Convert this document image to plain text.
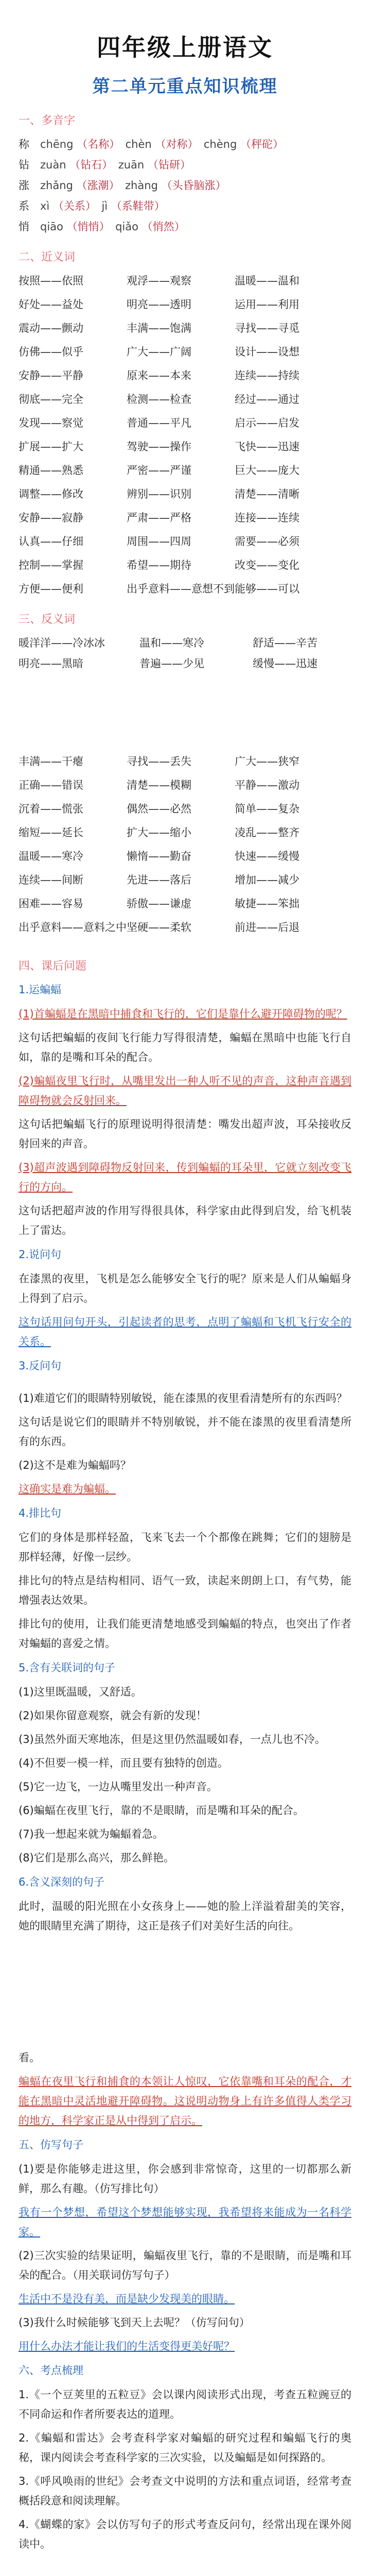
四年级上册语文
第二单元重点知识梳理
一、多音字
称　chēng （名称）　chèn （对称）　chèng （秤砣）
钻　zuàn （钻石）　zuān （钻研）　
涨　zhǎng （涨潮）　zhàng （头昏脑涨）　
系　xì （关系）　jì （系鞋带）　
悄　qiāo （悄悄）　qiǎo （悄然）　
二、近义词
按照——依照	观浮——观察	温暖——温和
好处——益处	明亮——透明	运用——利用
震动——颤动	丰满——饱满	寻找——寻觅
仿佛——似乎	广大——广阔	设计——设想
安静——平静	原来——本来	连续——持续
彻底——完全	检测——检查	经过——通过
发现——察觉	普通——平凡	启示——启发
扩展——扩大	驾驶——操作	飞快——迅速
精通——熟悉	严密——严谨	巨大——庞大
调整——修改	辨别——识别	清楚——清晰
安静——寂静	严肃——严格	连接——连续
认真——仔细	周围——四周	需要——必须
控制——掌握	希望——期待	改变——变化
方便——便利	出乎意料——意想不到 能够——可以
三、反义词
暖洋洋——冷冰冰	温和——寒冷	舒适——辛苦
明亮——黑暗	普遍——少见	缓慢——迅速
丰满——干瘪	寻找——丢失	广大——狭窄
正确——错误	清楚——模糊	平静——激动
沉着——慌张	偶然——必然	简单——复杂
缩短——延长	扩大——缩小	凌乱——整齐
温暖——寒冷	懒惰——勤奋	快速——缓慢
连续——间断	先进——落后	增加——减少
困难——容易	骄傲——谦虚	敏捷——笨拙
出乎意料——意料之中 坚硬——柔软	前进——后退
四、课后问题
1.运蝙蝠
(1)首蝙蝠是在黑暗中捕食和飞行的，它们是靠什么避开障碍物的呢？
这句话把蝙蝠的夜间飞行能力写得很清楚，蝙蝠在黑暗中也能飞行自如，靠的是嘴和耳朵的配合。
(2)蝙蝠夜里飞行时，从嘴里发出一种人听不见的声音，这种声音遇到障碍物就会反射回来。
这句话把蝙蝠飞行的原理说明得很清楚：嘴发出超声波，耳朵接收反射回来的声音。
(3)超声波遇到障碍物反射回来，传到蝙蝠的耳朵里，它就立刻改变飞行的方向。
这句话把超声波的作用写得很具体，科学家由此得到启发，给飞机装上了雷达。
2.说问句
在漆黑的夜里，飞机是怎么能够安全飞行的呢？原来是人们从蝙蝠身上得到了启示。
这句话用问句开头，引起读者的思考，点明了蝙蝠和飞机飞行安全的关系。
3.反问句
(1)难道它们的眼睛特别敏锐，能在漆黑的夜里看清楚所有的东西吗？
这句话是说它们的眼睛并不特别敏锐，并不能在漆黑的夜里看清楚所有的东西。
(2)这不是难为蝙蝠吗？
这确实是难为蝙蝠。
4.排比句
它们的身体是那样轻盈，飞来飞去一个个都像在跳舞；它们的翅膀是那样轻薄，好像一层纱。
排比句的特点是结构相同、语气一致，读起来朗朗上口，有气势，能增强表达效果。
排比句的使用，让我们能更清楚地感受到蝙蝠的特点，也突出了作者对蝙蝠的喜爱之情。
5.含有关联词的句子
(1)这里既温暖，又舒适。
(2)如果你留意观察，就会有新的发现！
(3)虽然外面天寒地冻，但是这里仍然温暖如春，一点儿也不冷。
(4)不但要一模一样，而且要有独特的创造。
(5)它一边飞，一边从嘴里发出一种声音。
(6)蝙蝠在夜里飞行，靠的不是眼睛，而是嘴和耳朵的配合。
(7)我一想起来就为蝙蝠着急。
(8)它们是那么高兴，那么鲜艳。
6.含义深刻的句子
此时，温暖的阳光照在小女孩身上——她的脸上洋溢着甜美的笑容，她的眼睛里充满了期待，这正是孩子们对美好生活的向往。
看。
蝙蝠在夜里飞行和捕食的本领让人惊叹，它依靠嘴和耳朵的配合，才能在黑暗中灵活地避开障碍物。这说明动物身上有许多值得人类学习的地方，科学家正是从中得到了启示。
五、仿写句子
(1)要是你能够走进这里，你会感到非常惊奇，这里的一切都那么新鲜，那么有趣。（仿写排比句）
我有一个梦想，希望这个梦想能够实现，我希望将来能成为一名科学家。
(2)三次实验的结果证明，蝙蝠夜里飞行，靠的不是眼睛，而是嘴和耳朵的配合。（用关联词仿写句子）
生活中不是没有美，而是缺少发现美的眼睛。
(3)我什么时候能够飞到天上去呢？（仿写问句）
用什么办法才能让我们的生活变得更美好呢？
六、考点梳理
1.《一个豆荚里的五粒豆》会以课内阅读形式出现，考查五粒豌豆的不同命运和作者所要表达的道理。
2.《蝙蝠和雷达》会考查科学家对蝙蝠的研究过程和蝙蝠飞行的奥秘，课内阅读会考查科学家的三次实验，以及蝙蝠是如何探路的。
3.《呼风唤雨的世纪》会考查文中说明的方法和重点词语，经常考查概括段意和阅读理解。
4.《蝴蝶的家》会以仿写句子的形式考查反问句，经常出现在课外阅读中。
